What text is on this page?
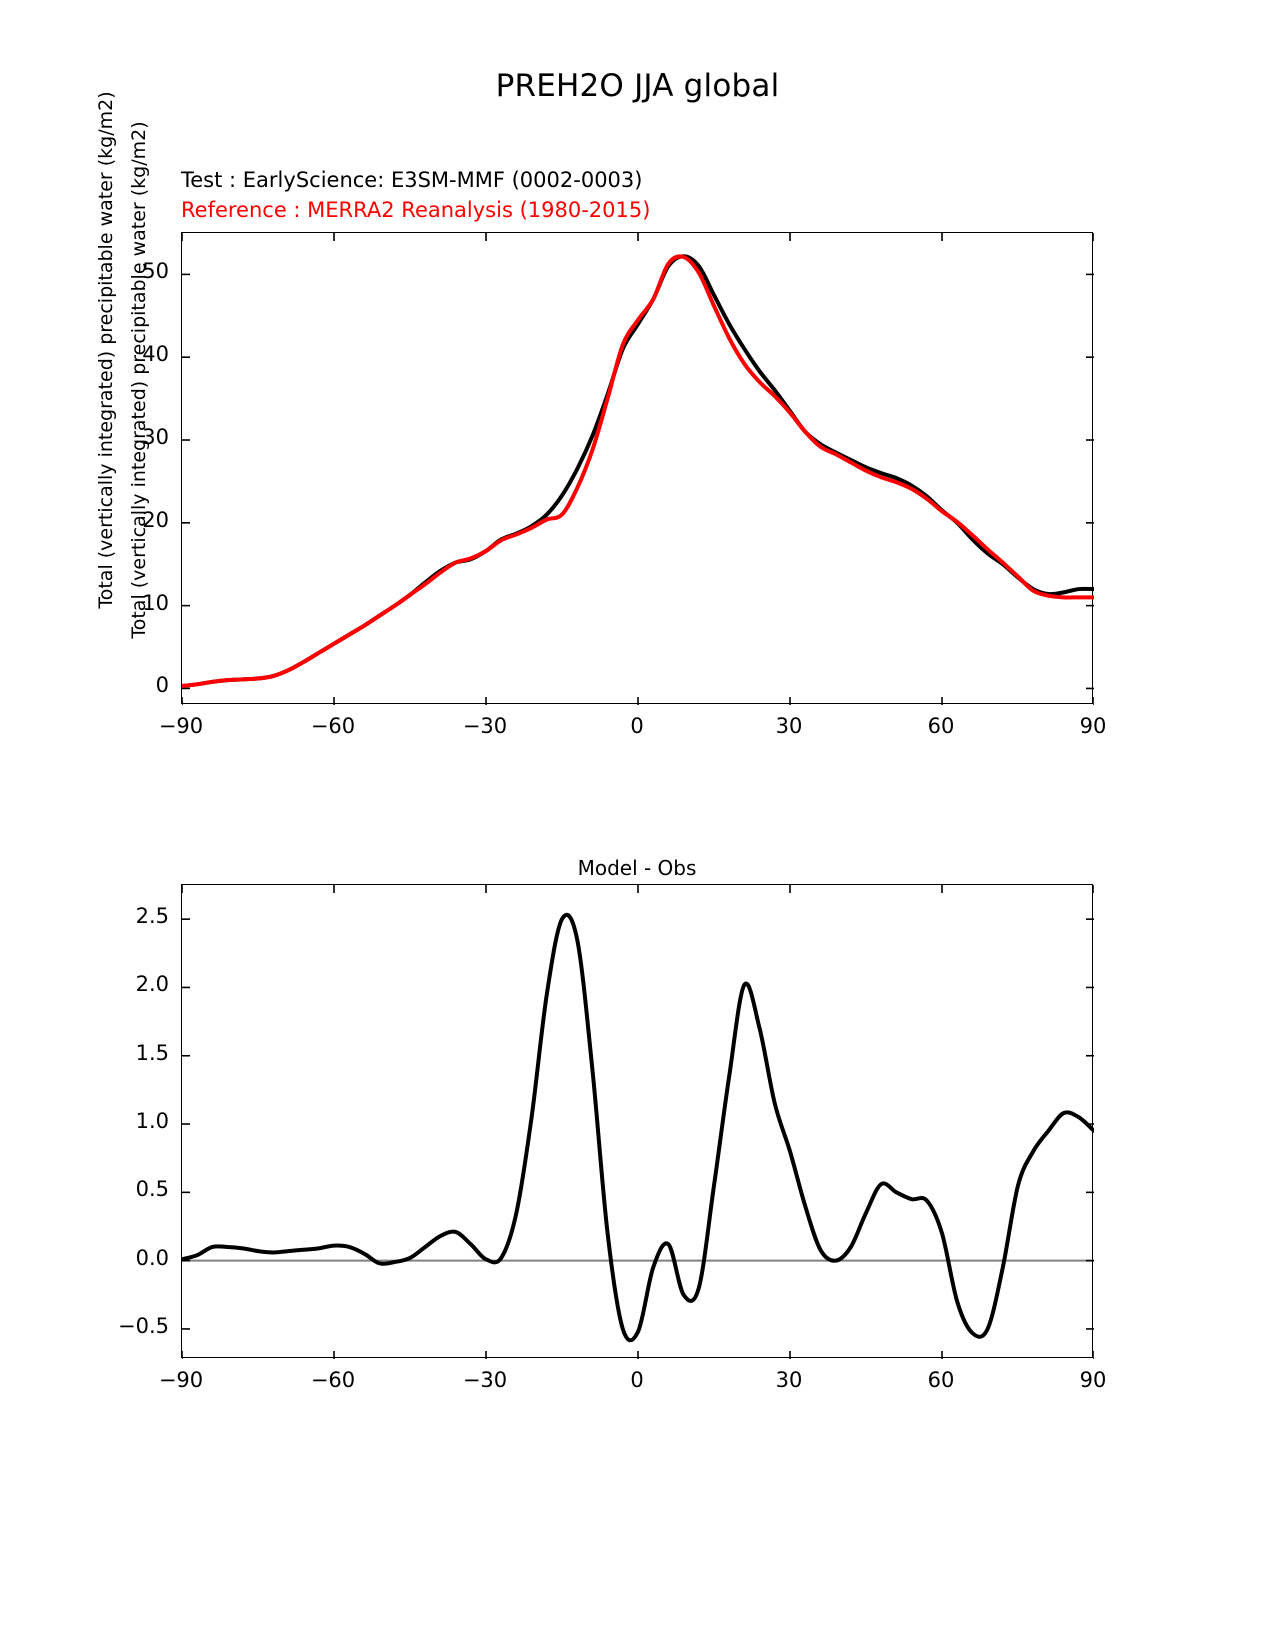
PREH2O JJA global
Test : EarlyScience: E3SM-MMF (0002-0003)
Reference : MERRA2 Reanalysis (1980-2015)
Total (vertically integrated) precipitable water (kg/m2)
−90	−60	−30	0	30	60	90
0
10
20
30
40
50
Model - Obs
Total (vertically integrated) precipitable water (kg/m2)
−90	−60	−30	0	30	60	90
−0.5
0.0
0.5
1.0
1.5
2.0
2.5
